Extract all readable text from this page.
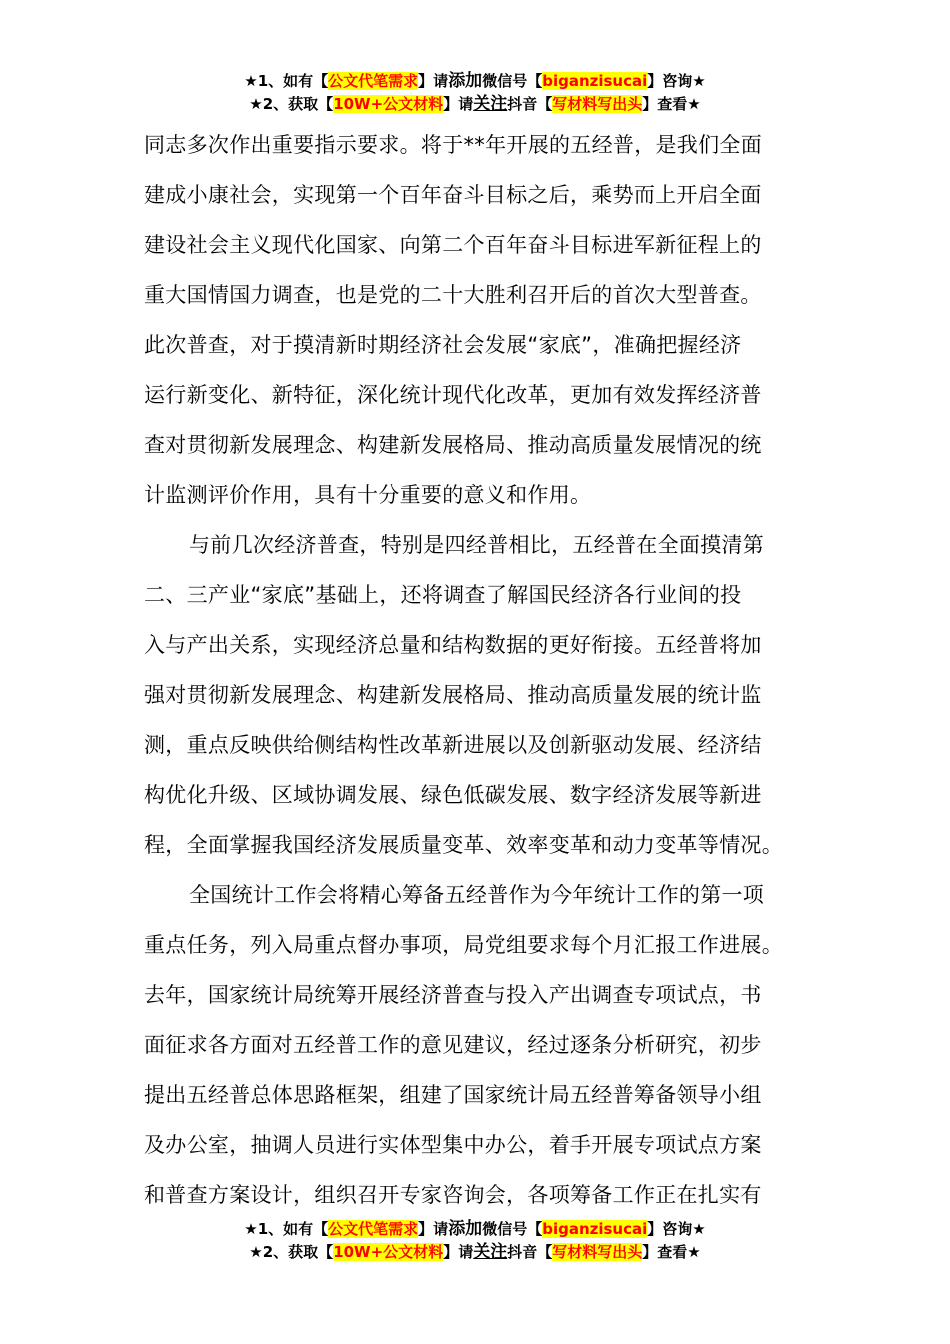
★1、如有【公文代笔需求】请添加微信号【biganzisucai】咨询★
★2、获取【10W+公文材料】请关注抖音【写材料写出头】查看★
同志多次作出重要指示要求。将于**年开展的五经普，是我们全面
建成小康社会，实现第一个百年奋斗目标之后，乘势而上开启全面
建设社会主义现代化国家、向第二个百年奋斗目标进军新征程上的
重大国情国力调查，也是党的二十大胜利召开后的首次大型普查。
此次普查，对于摸清新时期经济社会发展“家底”，准确把握经济
运行新变化、新特征，深化统计现代化改革，更加有效发挥经济普
查对贯彻新发展理念、构建新发展格局、推动高质量发展情况的统
计监测评价作用，具有十分重要的意义和作用。
与前几次经济普查，特别是四经普相比，五经普在全面摸清第
二、三产业“家底”基础上，还将调查了解国民经济各行业间的投
入与产出关系，实现经济总量和结构数据的更好衔接。五经普将加
强对贯彻新发展理念、构建新发展格局、推动高质量发展的统计监
测，重点反映供给侧结构性改革新进展以及创新驱动发展、经济结
构优化升级、区域协调发展、绿色低碳发展、数字经济发展等新进
程，全面掌握我国经济发展质量变革、效率变革和动力变革等情况。
全国统计工作会将精心筹备五经普作为今年统计工作的第一项
重点任务，列入局重点督办事项，局党组要求每个月汇报工作进展。
去年，国家统计局统筹开展经济普查与投入产出调查专项试点，书
面征求各方面对五经普工作的意见建议，经过逐条分析研究，初步
提出五经普总体思路框架，组建了国家统计局五经普筹备领导小组
及办公室，抽调人员进行实体型集中办公，着手开展专项试点方案
和普查方案设计，组织召开专家咨询会，各项筹备工作正在扎实有
★1、如有【公文代笔需求】请添加微信号【biganzisucai】咨询★
★2、获取【10W+公文材料】请关注抖音【写材料写出头】查看★
